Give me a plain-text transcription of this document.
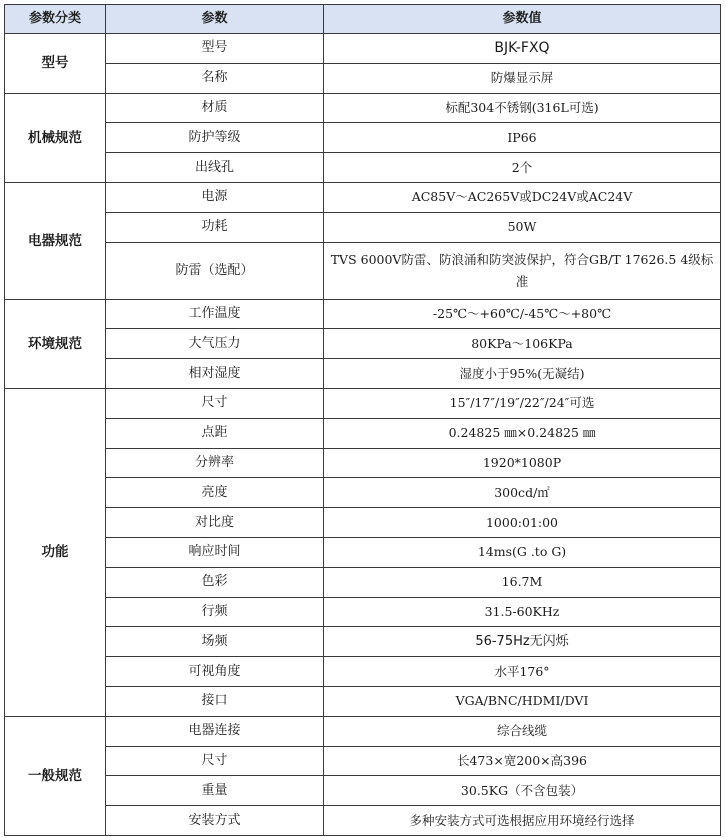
参数分类	参数	参数值
型号	型号	BJK-FXQ
	名称	防爆显示屏
机械规范	材质	标配304不锈钢(316L可选)
	防护等级	IP66
	出线孔	2个
电器规范	电源	AC85V～AC265V或DC24V或AC24V
	功耗	50W
	防雷（选配）	TVS 6000V防雷、防浪涌和防突波保护，符合GB/T 17626.5 4级标准
环境规范	工作温度	-25℃～+60℃/-45℃～+80℃
	大气压力	80KPa～106KPa
	相对湿度	湿度小于95%(无凝结)
功能	尺寸	15″/17″/19″/22″/24″可选
	点距	0.24825 ㎜×0.24825 ㎜
	分辨率	1920*1080P
	亮度	300cd/㎡
	对比度	1000:01:00
	响应时间	14ms(G .to G)
	色彩	16.7M
	行频	31.5-60KHz
	场频	56-75Hz无闪烁
	可视角度	水平176°
	接口	VGA/BNC/HDMI/DVI
一般规范	电器连接	综合线缆
	尺寸	长473×宽200×高396
	重量	30.5KG（不含包装）
	安装方式	多种安装方式可选根据应用环境经行选择
